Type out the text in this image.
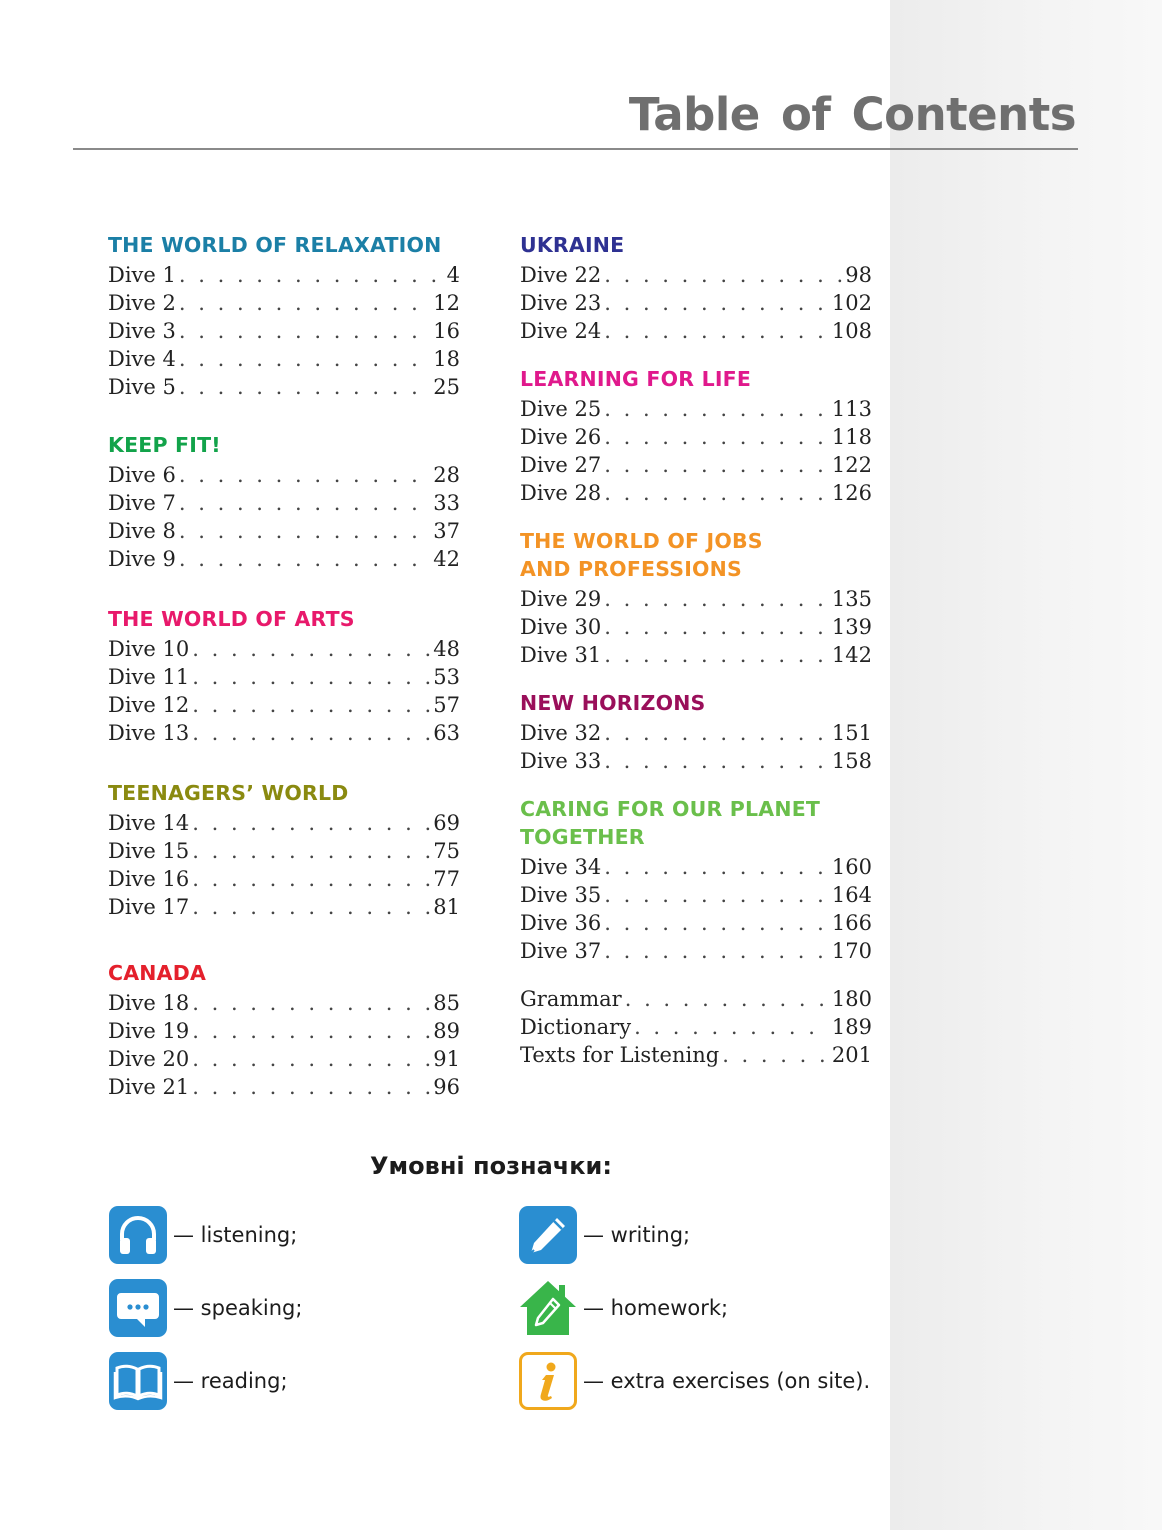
Table of Contents
THE WORLD OF RELAXATION
Dive 1 . . .	4
Dive 2 . . .	12
Dive 3 . . .	16
Dive 4 . . .	18
Dive 5 . . .	25
KEEP FIT!
Dive 6 . . .	28
Dive 7 . . .	33
Dive 8 . . .	37
Dive 9 . . .	42
THE WORLD OF ARTS
Dive 10 . . .	48
Dive 11 . . .	53
Dive 12 . . .	57
Dive 13 . . .	63
TEENAGERS’ WORLD
Dive 14 . . .	69
Dive 15 . . .	75
Dive 16 . . .	77
Dive 17 . . .	81
CANADA
Dive 18 . . .	85
Dive 19 . . .	89
Dive 20 . . .	91
Dive 21 . . .	96
UKRAINE
Dive 22 . . .	98
Dive 23 . . .	102
Dive 24 . . .	108
LEARNING FOR LIFE
Dive 25 . . .	113
Dive 26 . . .	118
Dive 27 . . .	122
Dive 28 . . .	126
THE WORLD OF JOBS
AND PROFESSIONS
Dive 29 . . .	135
Dive 30 . . .	139
Dive 31 . . .	142
NEW HORIZONS
Dive 32 . . .	151
Dive 33 . . .	158
CARING FOR OUR PLANET
TOGETHER
Dive 34 . . .	160
Dive 35 . . .	164
Dive 36 . . .	166
Dive 37 . . .	170
Grammar . . .	180
Dictionary . . .	189
Texts for Listening . . .	201
Умовні позначки:
— listening;
— speaking;
— reading;
— writing;
— homework;
— extra exercises (on site).
